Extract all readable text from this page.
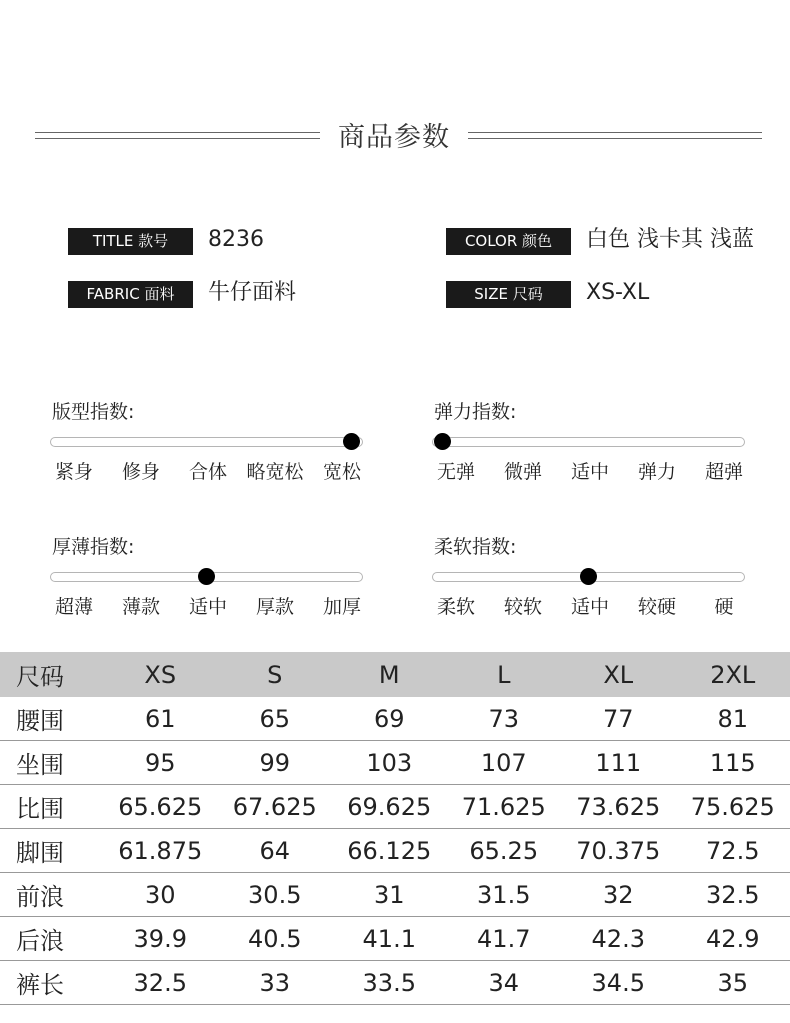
商品参数
TITLE 款号	8236	COLOR 颜色	白色 浅卡其 浅蓝
FABRIC 面料	牛仔面料	SIZE 尺码	XS-XL
版型指数:
紧身 修身 合体 略宽松 宽松
弹力指数:
无弹 微弹 适中 弹力 超弹
厚薄指数:
超薄 薄款 适中 厚款 加厚
柔软指数:
柔软 较软 适中 较硬 硬
尺码	XS	S	M	L	XL	2XL
腰围	61	65	69	73	77	81
坐围	95	99	103	107	111	115
比围	65.625	67.625	69.625	71.625	73.625	75.625
脚围	61.875	64	66.125	65.25	70.375	72.5
前浪	30	30.5	31	31.5	32	32.5
后浪	39.9	40.5	41.1	41.7	42.3	42.9
裤长	32.5	33	33.5	34	34.5	35
